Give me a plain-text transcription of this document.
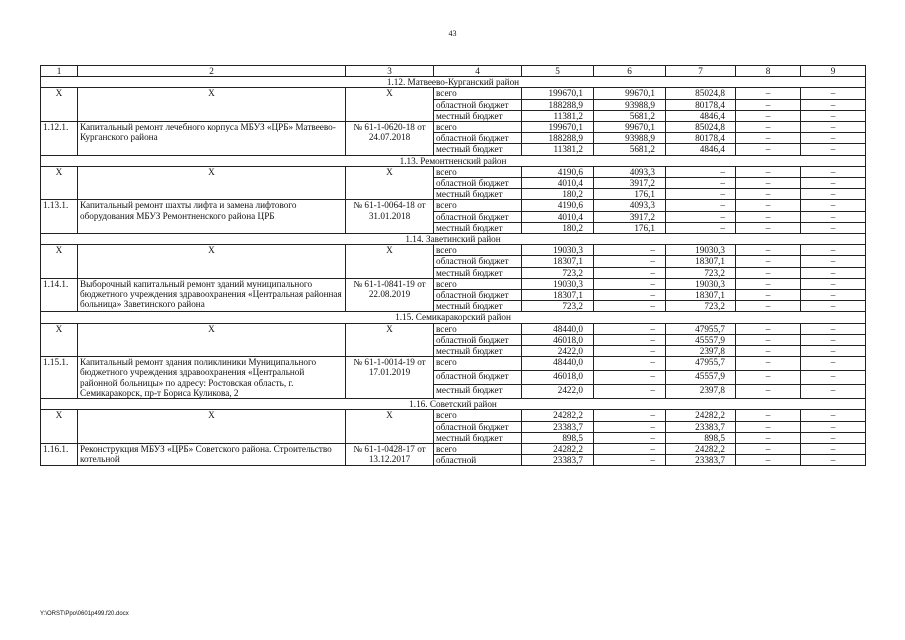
43
1	2	3	4	5	6	7	8	9
1.12. Матвеево-Курганский район								
X	X	X	всего	199670,1	99670,1	85024,8	–	–
			областной бюджет	188288,9	93988,9	80178,4	–	–
			местный бюджет	11381,2	5681,2	4846,4	–	–
1.12.1.	Капитальный ремонт лечебного корпуса МБУЗ «ЦРБ» Матвеево-Курганского района	№ 61-1-0620-18 от 24.07.2018	всего	199670,1	99670,1	85024,8	–	–
			областной бюджет	188288,9	93988,9	80178,4	–	–
			местный бюджет	11381,2	5681,2	4846,4	–	–
1.13. Ремонтненский район								
X	X	X	всего	4190,6	4093,3	–	–	–
			областной бюджет	4010,4	3917,2	–	–	–
			местный бюджет	180,2	176,1	–	–	–
1.13.1.	Капитальный ремонт шахты лифта и замена лифтового оборудования МБУЗ Ремонтненского района ЦРБ	№ 61-1-0064-18 от 31.01.2018	всего	4190,6	4093,3	–	–	–
			областной бюджет	4010,4	3917,2	–	–	–
			местный бюджет	180,2	176,1	–	–	–
1.14. Заветинский район								
X	X	X	всего	19030,3	–	19030,3	–	–
			областной бюджет	18307,1	–	18307,1	–	–
			местный бюджет	723,2	–	723,2	–	–
1.14.1.	Выборочный капитальный ремонт зданий муниципального бюджетного учреждения здравоохранения «Центральная районная больница» Заветинского района	№ 61-1-0841-19 от 22.08.2019	всего	19030,3	–	19030,3	–	–
			областной бюджет	18307,1	–	18307,1	–	–
			местный бюджет	723,2	–	723,2	–	–
1.15. Семикаракорский район								
X	X	X	всего	48440,0	–	47955,7	–	–
			областной бюджет	46018,0	–	45557,9	–	–
			местный бюджет	2422,0	–	2397,8	–	–
1.15.1.	Капитальный ремонт здания поликлиники Муниципального бюджетного учреждения здравоохранения «Центральной районной больницы» по адресу: Ростовская область, г. Семикаракорск, пр-т Бориса Куликова, 2	№ 61-1-0014-19 от 17.01.2019	всего	48440,0	–	47955,7	–	–
			областной бюджет	46018,0	–	45557,9	–	–
			местный бюджет	2422,0	–	2397,8	–	–
1.16. Советский район								
X	X	X	всего	24282,2	–	24282,2	–	–
			областной бюджет	23383,7	–	23383,7	–	–
			местный бюджет	898,5	–	898,5	–	–
1.16.1.	Реконструкция МБУЗ «ЦРБ» Советского района. Строительство котельной	№ 61-1-0428-17 от 13.12.2017	всего	24282,2	–	24282,2	–	–
			областной	23383,7	–	23383,7	–	–
Y:\ORST\Ppo\0601p499.f20.docx
